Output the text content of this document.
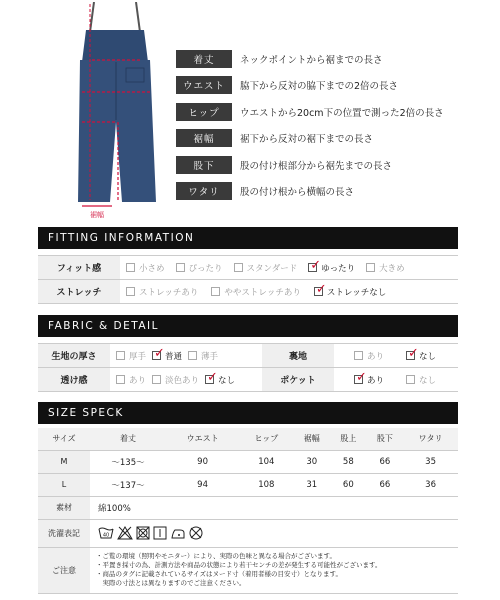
裾幅
着丈	ネックポイントから裾までの長さ
ウエスト	脇下から反対の脇下までの2倍の長さ
ヒップ	ウエストから20cm下の位置で測った2倍の長さ
裾幅	裾下から反対の裾下までの長さ
股下	股の付け根部分から裾先までの長さ
ワタリ	股の付け根から横幅の長さ
FITTING INFORMATION
フィット感	小さめ	ぴったり	スタンダード ✓ ゆったり	大きめ
ストレッチ	ストレッチあり	ややストレッチあり ✓ ストレッチなし
FABRIC & DETAIL
生地の厚さ	厚手 ✓ 普通 薄手	裏地	あり ✓ なし
透け感	あり 淡色あり ✓ なし	ポケット	✓ あり	なし
SIZE SPECK
サイズ	着丈	ウエスト	ヒップ	裾幅	股上	股下	ワタリ
M	〜135〜	90	104	30	58	66	35
L	〜137〜	94	108	31	60	66	36
素材	綿100%						
洗濯表記	40						

ご注意	・ご覧の環境（照明やモニター）により、実際の色味と異なる場合がございます。
・平置き採寸の為、計測方法や商品の状態により若干センチの差が発生する可能性がございます。
・商品のタグに記載されているサイズはヌード寸（着用者様の目安寸）となります。
　実際の寸法とは異なりますのでご注意ください。						
